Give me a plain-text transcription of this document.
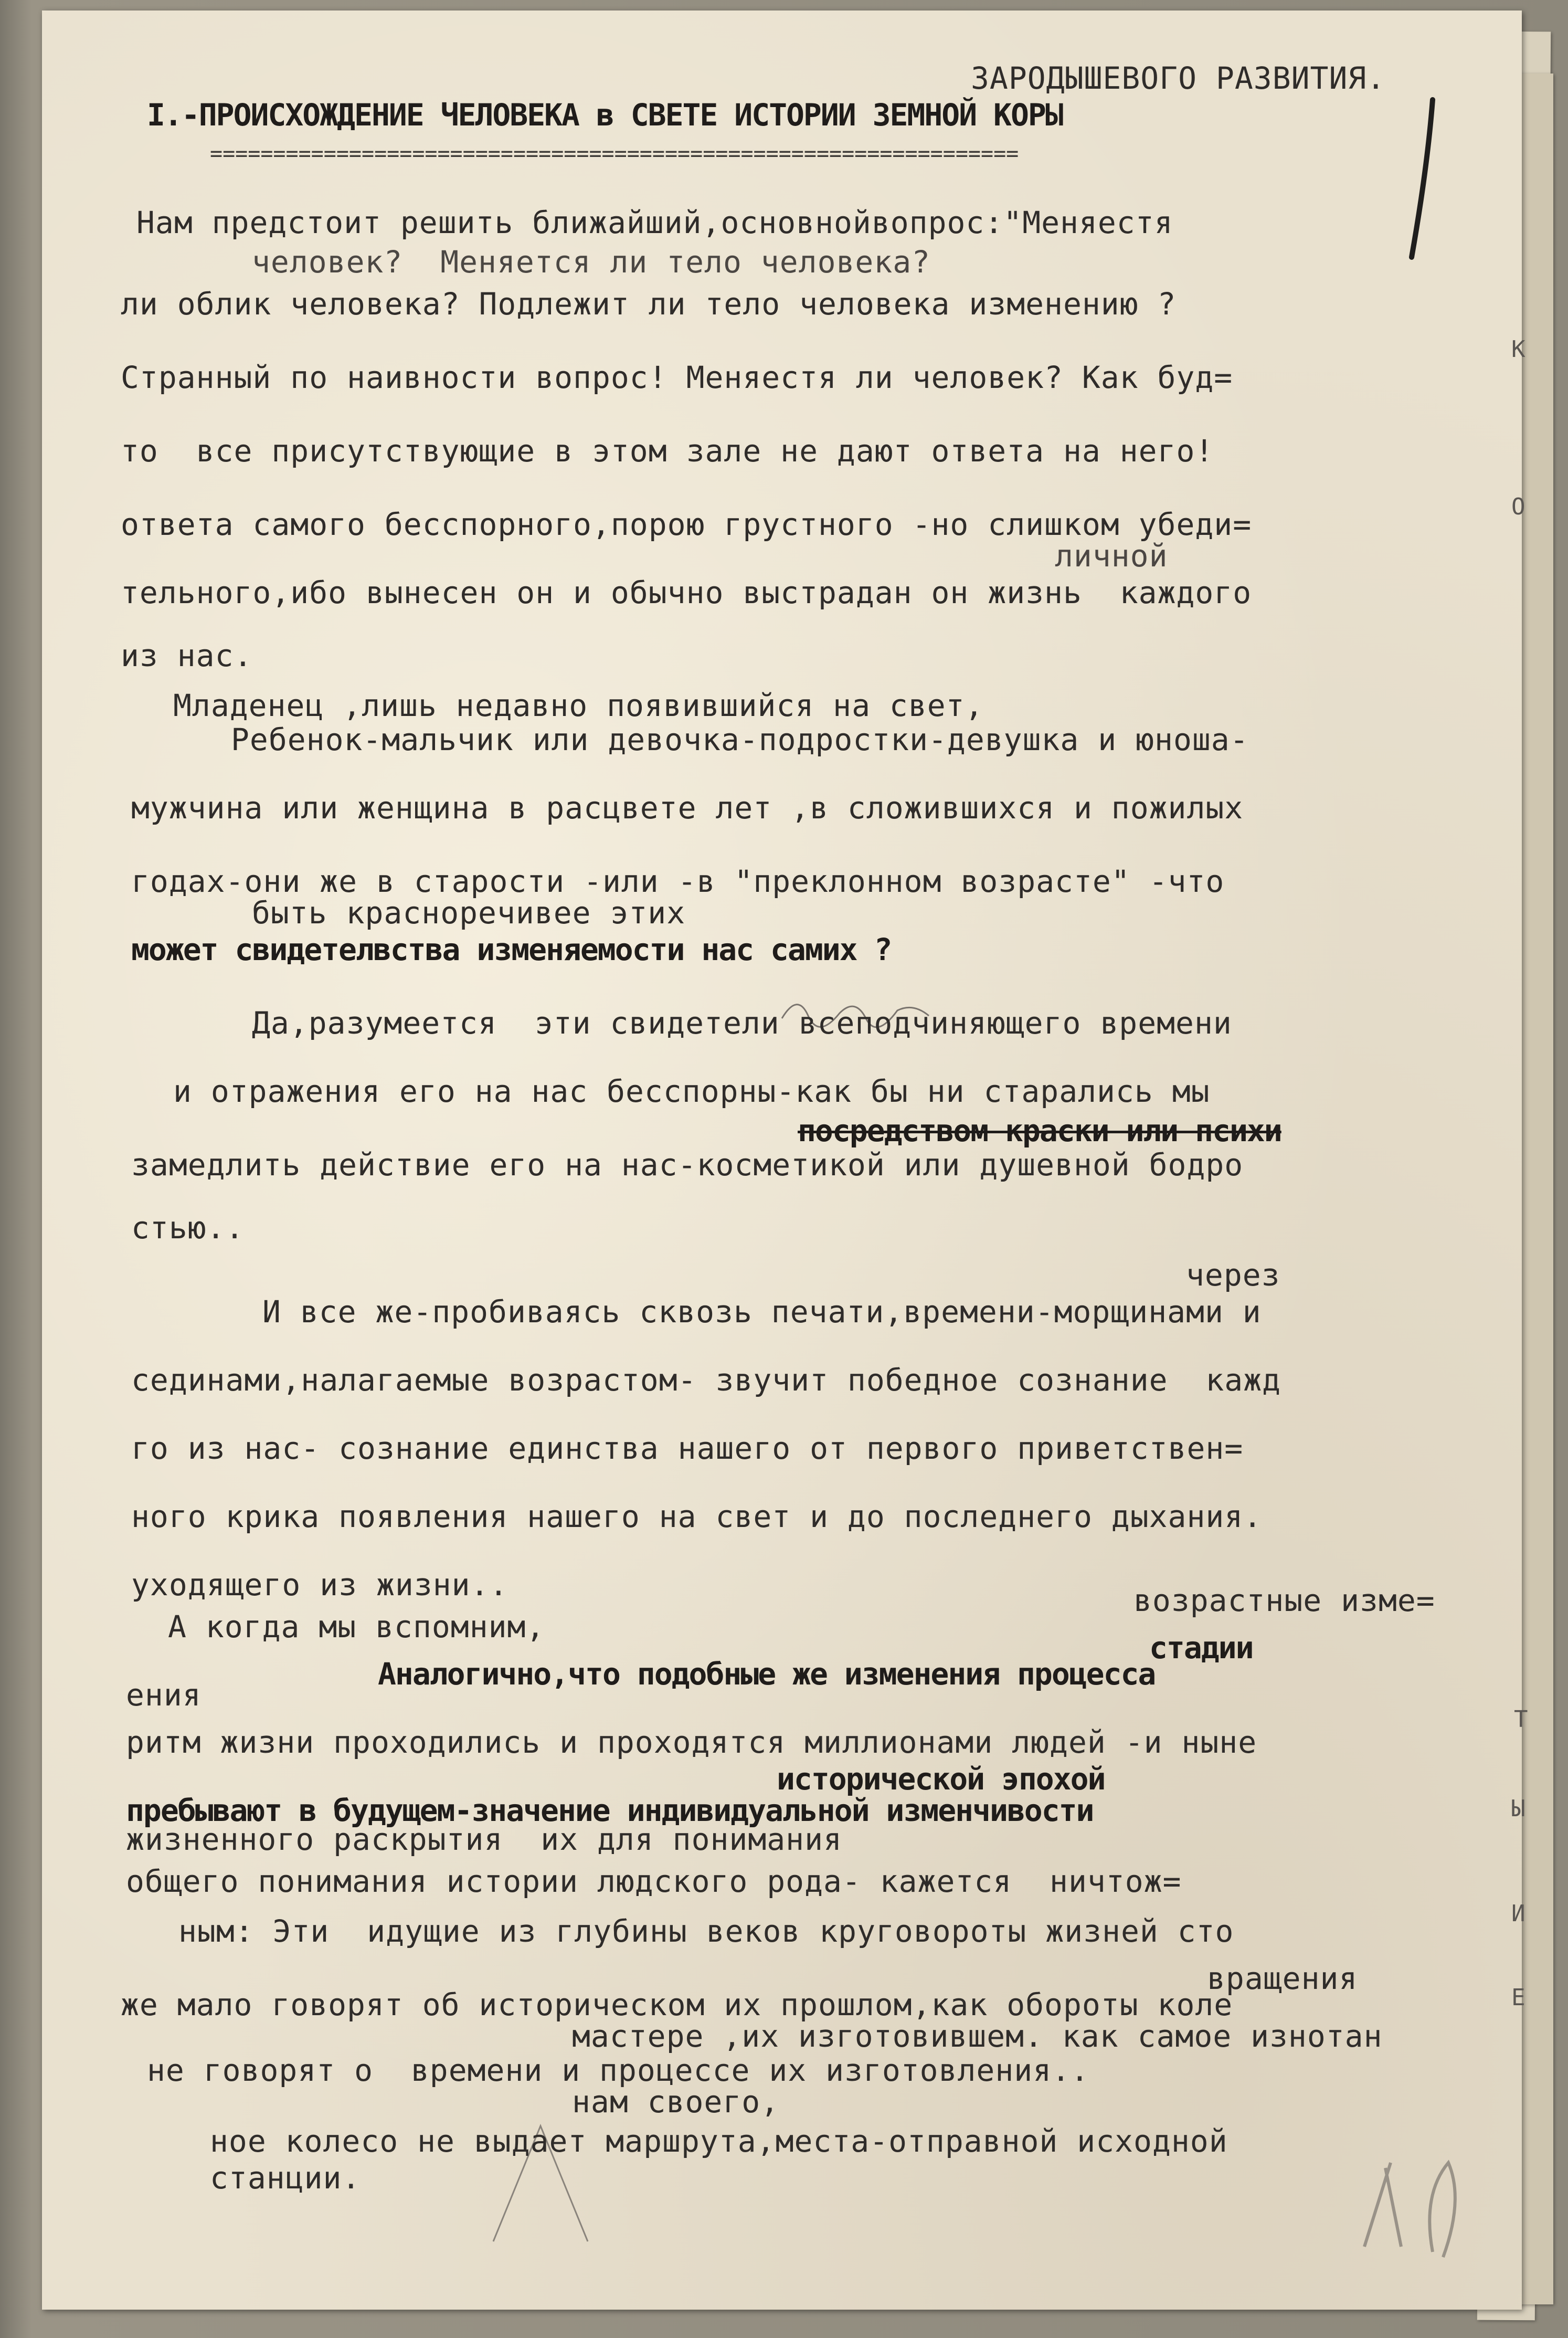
ЗАРОДЫШЕВОГО РАЗВИТИЯ.
I.-ПРОИСХОЖДЕНИЕ ЧЕЛОВЕКА в СВЕТЕ ИСТОРИИ ЗЕМНОЙ КОРЫ
================================================================
Нам предстоит решить ближайший,основнойвопрос:"Меняестя
человек?  Меняется ли тело человека?
ли облик человека? Подлежит ли тело человека изменению ?
Странный по наивности вопрос! Меняестя ли человек? Как буд=
то  все присутствующие в этом зале не дают ответа на него!
ответа самого бесспорного,порою грустного -но слишком убеди=
личной
тельного,ибо вынесен он и обычно выстрадан он жизнь  каждого
из нас.
Младенец ,лишь недавно появившийся на свет,
Ребенок-мальчик или девочка-подростки-девушка и юноша-
мужчина или женщина в расцвете лет ,в сложившихся и пожилых
годах-они же в старости -или -в "преклонном возрасте" -что
быть красноречивее этих
может свидетелвства изменяемости нас самих ?
Да,разумеется  эти свидетели всеподчиняющего времени
и отражения его на нас бесспорны-как бы ни старались мы
посредством краски или психи
замедлить действие его на нас-косметикой или душевной бодро
стью..
через
И все же-пробиваясь сквозь печати,времени-морщинами и
сединами,налагаемые возрастом- звучит победное сознание  кажд
го из нас- сознание единства нашего от первого приветствен=
ного крика появления нашего на свет и до последнего дыхания.
уходящего из жизни..	возрастные изме=
стадии
А когда мы вспомним,
Аналогично,что подобные же изменения процесса
ения
ритм жизни проходились и проходятся миллиoнами людей -и ныне
исторической эпохой
пребывают в будущем-значение индивидуальной изменчивости
жизненного раскрытия  их для понимания
общего понимания истории людского рода- кажется  ничтож=
ным: Эти  идущие из глубины веков круговороты жизней сто
вращения
же мало говорят об историческом их прошлом,как оборoты коле
мастере ,их изготовившем. как самое изнотан
не говорят о  времени и процессе их изготовления..
нам своего,
ное колесо не выдает маршрута,места-отправной исходной
станции.
К
О
Т
Ы
И
Е
